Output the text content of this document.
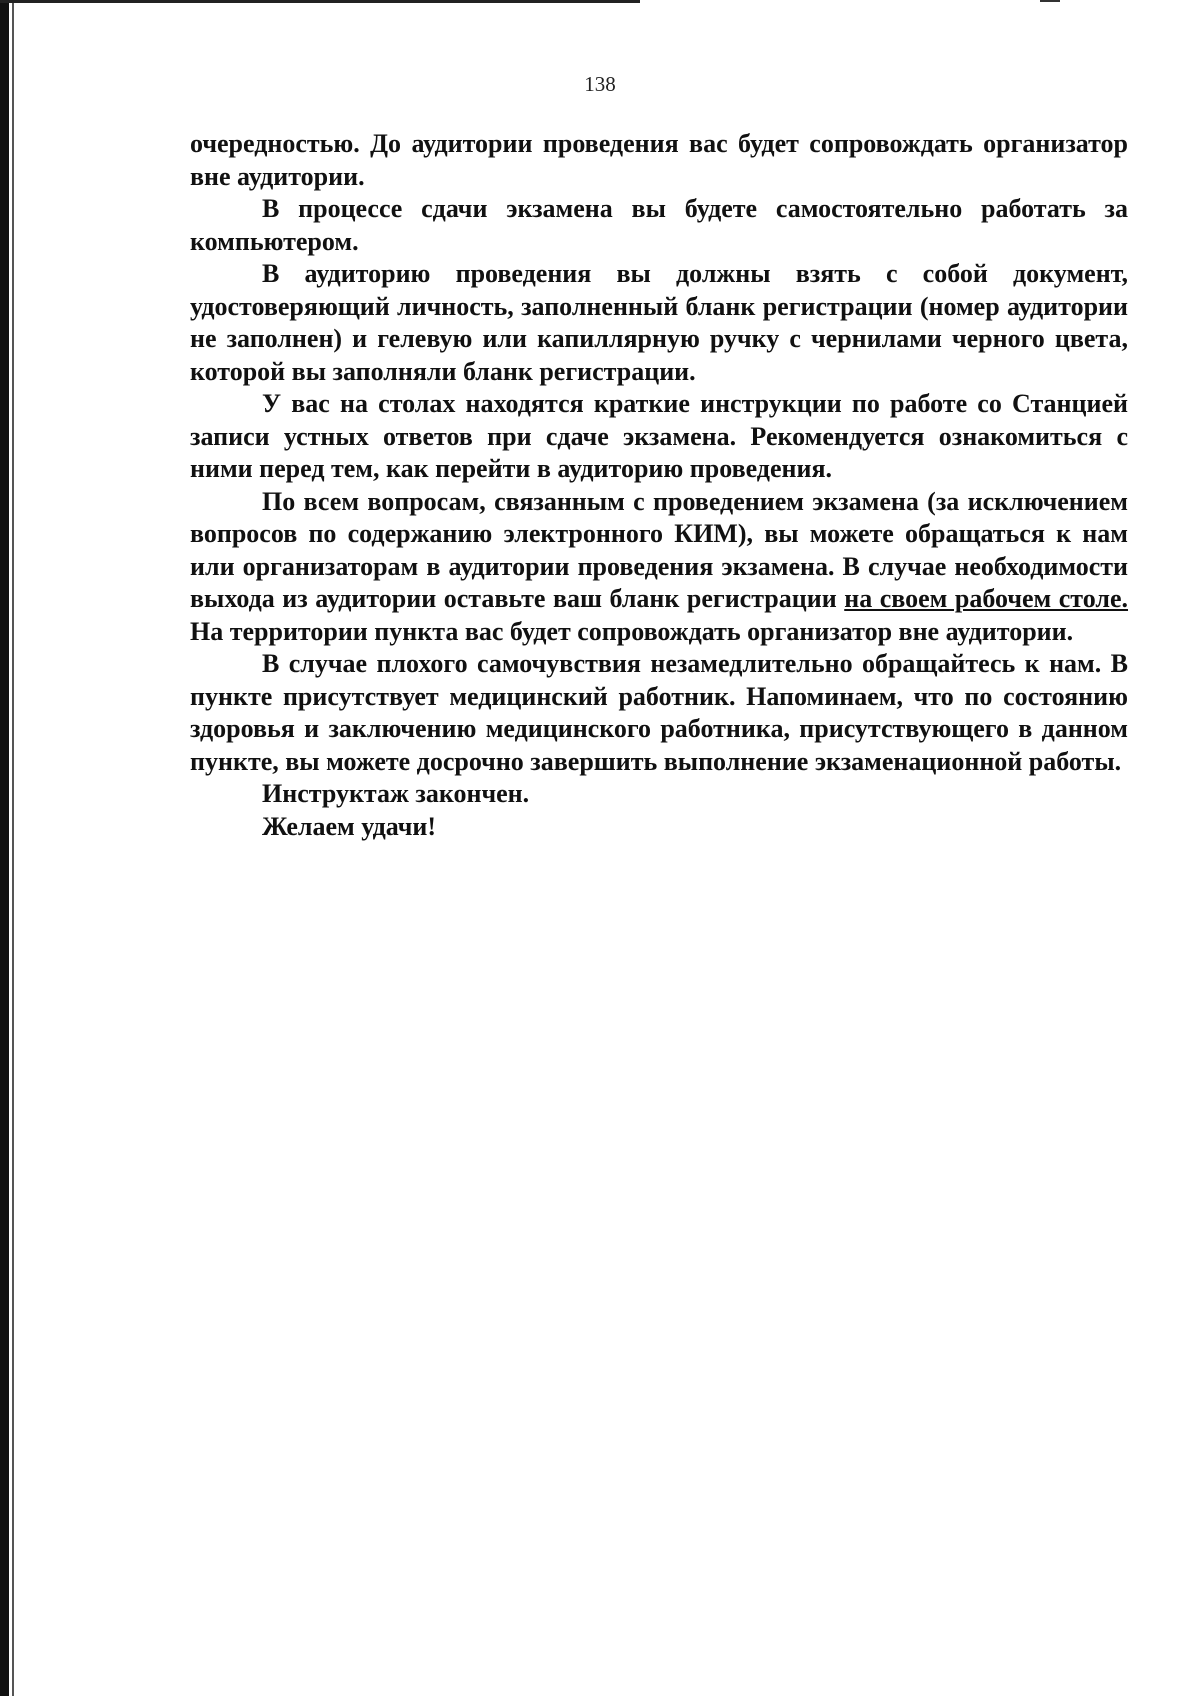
138

очередностью. До аудитории проведения вас будет сопровождать организатор вне аудитории.

В процессе сдачи экзамена вы будете самостоятельно работать за компьютером.

В аудиторию проведения вы должны взять с собой документ, удостоверяющий личность, заполненный бланк регистрации (номер аудитории не заполнен) и гелевую или капиллярную ручку с чернилами черного цвета, которой вы заполняли бланк регистрации.

У вас на столах находятся краткие инструкции по работе со Станцией записи устных ответов при сдаче экзамена. Рекомендуется ознакомиться с ними перед тем, как перейти в аудиторию проведения.

По всем вопросам, связанным с проведением экзамена (за исключением вопросов по содержанию электронного КИМ), вы можете обращаться к нам или организаторам в аудитории проведения экзамена. В случае необходимости выхода из аудитории оставьте ваш бланк регистрации на своем рабочем столе. На территории пункта вас будет сопровождать организатор вне аудитории.

В случае плохого самочувствия незамедлительно обращайтесь к нам. В пункте присутствует медицинский работник. Напоминаем, что по состоянию здоровья и заключению медицинского работника, присутствующего в данном пункте, вы можете досрочно завершить выполнение экзаменационной работы.

Инструктаж закончен.

Желаем удачи!
